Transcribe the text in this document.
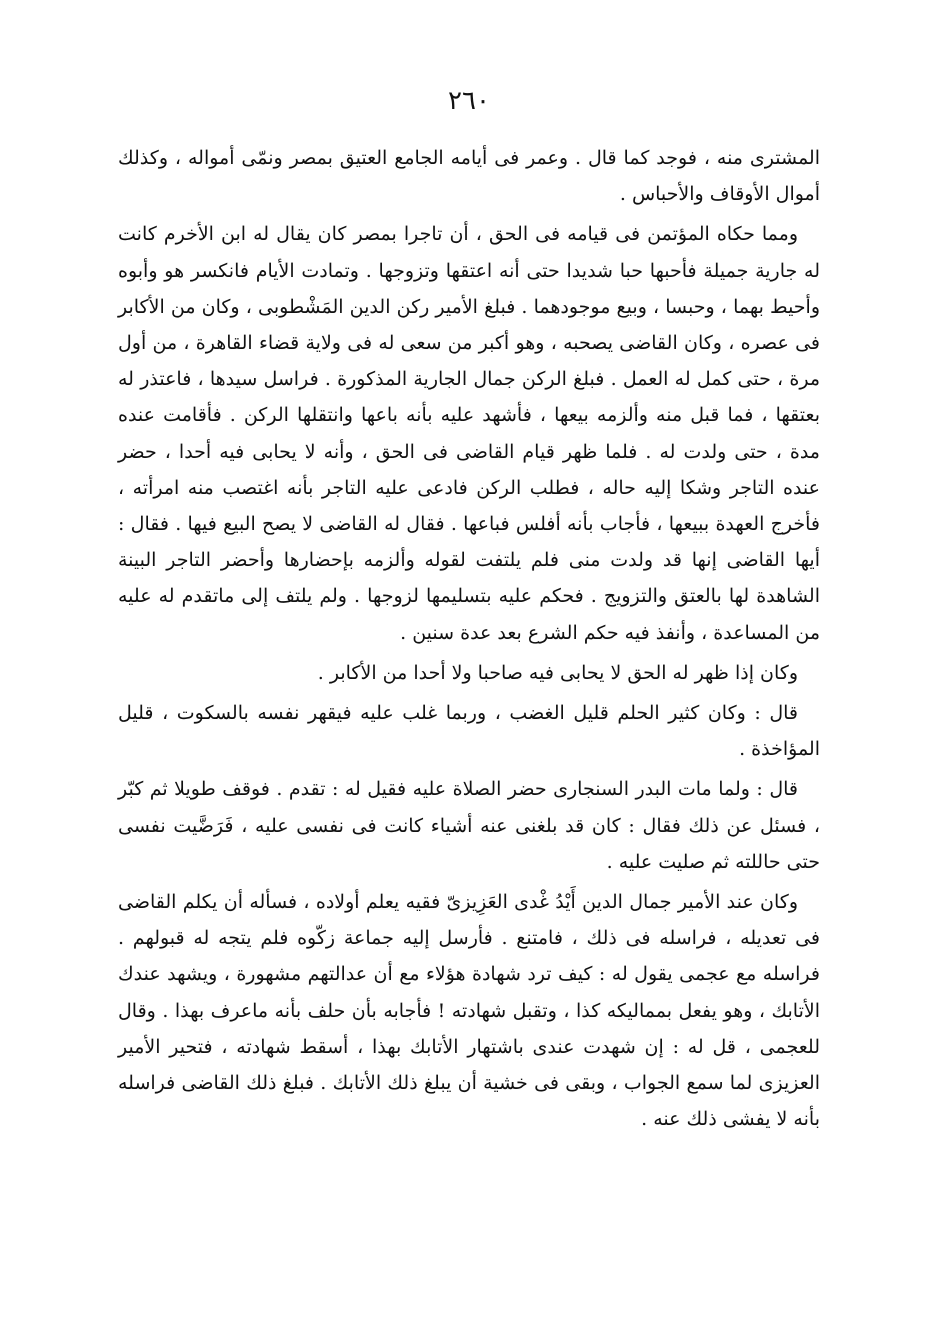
٢٦٠

المشترى منه ، فوجد كما قال . وعمر فى أيامه الجامع العتيق بمصر ونمّى أمواله ، وكذلك أموال الأوقاف والأحباس .

ومما حكاه المؤتمن فى قيامه فى الحق ، أن تاجرا بمصر كان يقال له ابن الأخرم كانت له جارية جميلة فأحبها حبا شديدا حتى أنه اعتقها وتزوجها . وتمادت الأيام فانكسر هو وأبوه وأحيط بهما ، وحبسا ، وبيع موجودهما . فبلغ الأمير ركن الدين المَشْطوبى ، وكان من الأكابر فى عصره ، وكان القاضى يصحبه ، وهو أكبر من سعى له فى ولاية قضاء القاهرة ، من أول مرة ، حتى كمل له العمل . فبلغ الركن جمال الجارية المذكورة . فراسل سيدها ، فاعتذر له بعتقها ، فما قبل منه وألزمه بيعها ، فأشهد عليه بأنه باعها وانتقلها الركن . فأقامت عنده مدة ، حتى ولدت له . فلما ظهر قيام القاضى فى الحق ، وأنه لا يحابى فيه أحدا ، حضر عنده التاجر وشكا إليه حاله ، فطلب الركن فادعى عليه التاجر بأنه اغتصب منه امرأته ، فأخرج العهدة ببيعها ، فأجاب بأنه أفلس فباعها . فقال له القاضى لا يصح البيع فيها . فقال : أيها القاضى إنها قد ولدت منى فلم يلتفت لقوله وألزمه بإحضارها وأحضر التاجر البينة الشاهدة لها بالعتق والتزويج . فحكم عليه بتسليمها لزوجها . ولم يلتف إلى ماتقدم له عليه من المساعدة ، وأنفذ فيه حكم الشرع بعد عدة سنين .

وكان إذا ظهر له الحق لا يحابى فيه صاحبا ولا أحدا من الأكابر .

قال : وكان كثير الحلم قليل الغضب ، وربما غلب عليه فيقهر نفسه بالسكوت ، قليل المؤاخذة .

قال : ولما مات البدر السنجارى حضر الصلاة عليه فقيل له : تقدم . فوقف طويلا ثم كبّر ، فسئل عن ذلك فقال : كان قد بلغنى عنه أشياء كانت فى نفسى عليه ، فَرَضَّيت نفسى حتى حاللته ثم صليت عليه .

وكان عند الأمير جمال الدين أَيْدُ غْدى العَزِيزىّ فقيه يعلم أولاده ، فسأله أن يكلم القاضى فى تعديله ، فراسله فى ذلك ، فامتنع . فأرسل إليه جماعة زكّوه فلم يتجه له قبولهم . فراسله مع عجمى يقول له : كيف ترد شهادة هؤلاء مع أن عدالتهم مشهورة ، ويشهد عندك الأتابك ، وهو يفعل بمماليكه كذا ، وتقبل شهادته ! فأجابه بأن حلف بأنه ماعرف بهذا . وقال للعجمى ، قل له : إن شهدت عندى باشتهار الأتابك بهذا ، أسقط شهادته ، فتحير الأمير العزيزى لما سمع الجواب ، وبقى فى خشية أن يبلغ ذلك الأتابك . فبلغ ذلك القاضى فراسله بأنه لا يفشى ذلك عنه .
